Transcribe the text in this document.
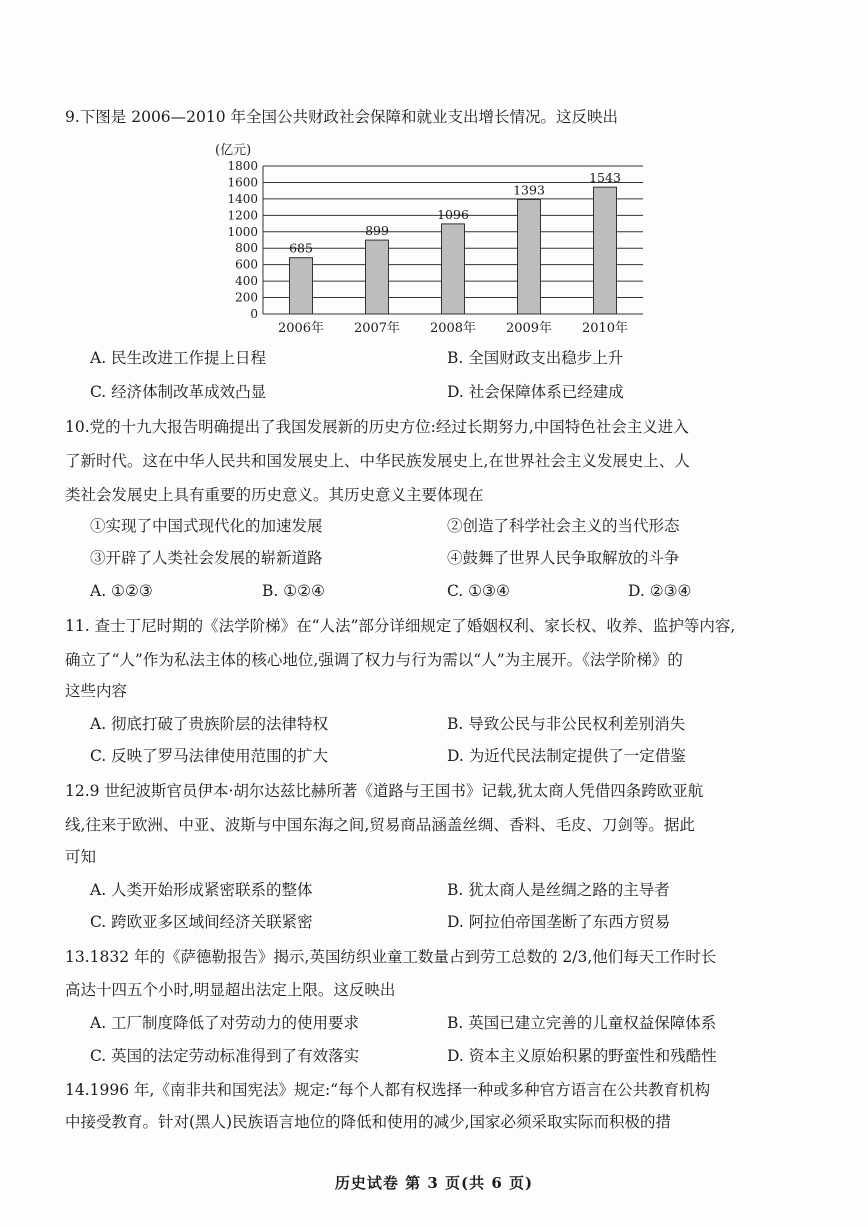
9.下图是 2006—2010 年全国公共财政社会保障和就业支出增长情况。这反映出
(亿元)
0
200
400
600
800
1000
1200
1400
1600
1800
685
2006年
899
2007年
1096
2008年
1393
2009年
1543
2010年
A. 民生改进工作提上日程	B. 全国财政支出稳步上升
C. 经济体制改革成效凸显	D. 社会保障体系已经建成
10.党的十九大报告明确提出了我国发展新的历史方位:经过长期努力,中国特色社会主义进入
了新时代。这在中华人民共和国发展史上、中华民族发展史上,在世界社会主义发展史上、人
类社会发展史上具有重要的历史意义。其历史意义主要体现在
①实现了中国式现代化的加速发展	②创造了科学社会主义的当代形态
③开辟了人类社会发展的崭新道路	④鼓舞了世界人民争取解放的斗争
A. ①②③	B. ①②④	C. ①③④	D. ②③④
11. 查士丁尼时期的《法学阶梯》在“人法”部分详细规定了婚姻权利、家长权、收养、监护等内容,
确立了“人”作为私法主体的核心地位,强调了权力与行为需以“人”为主展开。《法学阶梯》的
这些内容
A. 彻底打破了贵族阶层的法律特权	B. 导致公民与非公民权利差别消失
C. 反映了罗马法律使用范围的扩大	D. 为近代民法制定提供了一定借鉴
12.9 世纪波斯官员伊本·胡尔达兹比赫所著《道路与王国书》记载,犹太商人凭借四条跨欧亚航
线,往来于欧洲、中亚、波斯与中国东海之间,贸易商品涵盖丝绸、香料、毛皮、刀剑等。据此
可知
A. 人类开始形成紧密联系的整体	B. 犹太商人是丝绸之路的主导者
C. 跨欧亚多区域间经济关联紧密	D. 阿拉伯帝国垄断了东西方贸易
13.1832 年的《萨德勒报告》揭示,英国纺织业童工数量占到劳工总数的 2/3,他们每天工作时长
高达十四五个小时,明显超出法定上限。这反映出
A. 工厂制度降低了对劳动力的使用要求	B. 英国已建立完善的儿童权益保障体系
C. 英国的法定劳动标准得到了有效落实	D. 资本主义原始积累的野蛮性和残酷性
14.1996 年,《南非共和国宪法》规定:“每个人都有权选择一种或多种官方语言在公共教育机构
中接受教育。针对(黑人)民族语言地位的降低和使用的减少,国家必须采取实际而积极的措
历史试卷 第 3 页(共 6 页)
